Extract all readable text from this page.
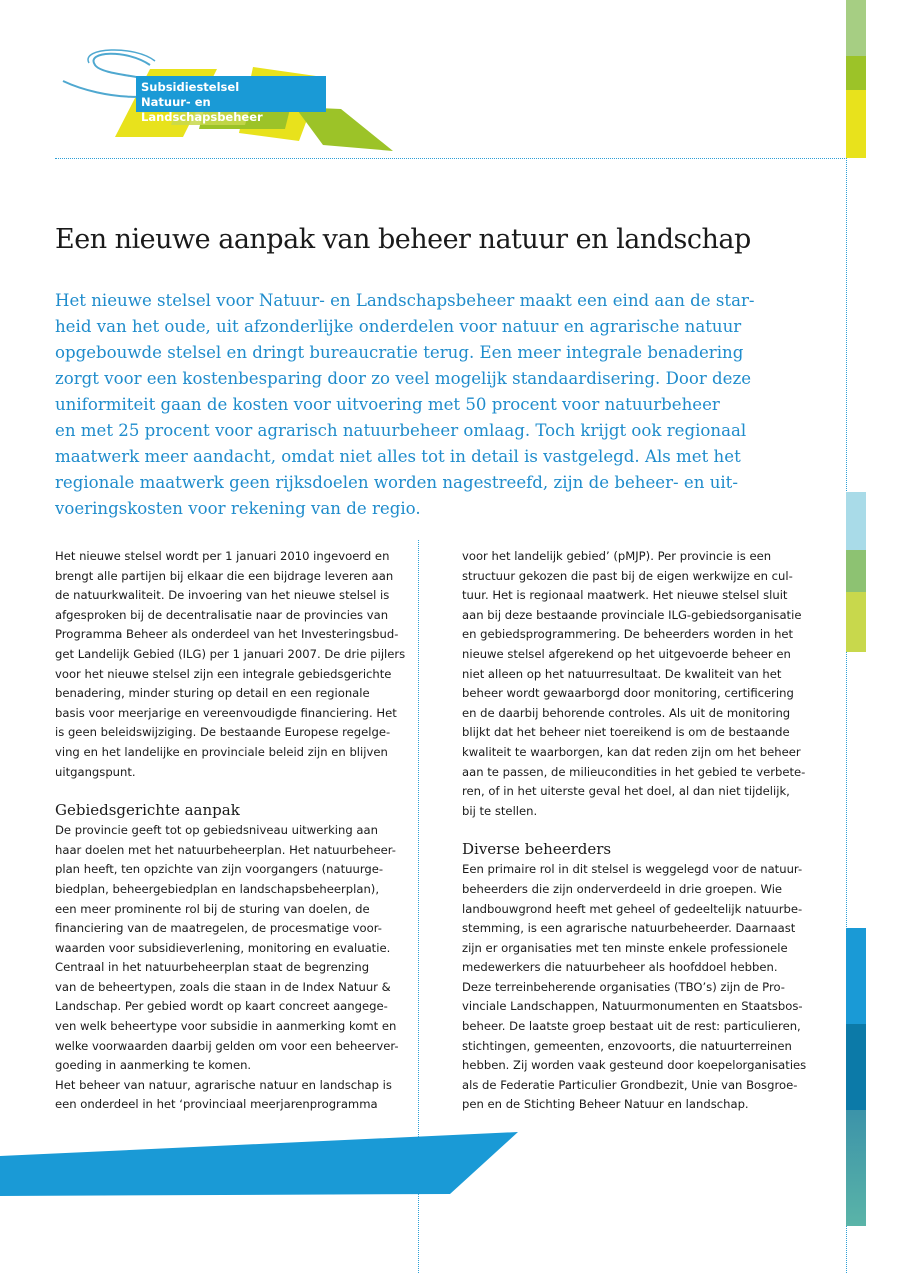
Subsidiestelsel
Natuur- en Landschapsbeheer
Een nieuwe aanpak van beheer natuur en landschap
Het nieuwe stelsel voor Natuur- en Landschapsbeheer maakt een eind aan de star-
heid van het oude, uit afzonderlijke onderdelen voor natuur en agrarische natuur
opgebouwde stelsel en dringt bureaucratie terug. Een meer integrale benadering
zorgt voor een kostenbesparing door zo veel mogelijk standaardisering. Door deze
uniformiteit gaan de kosten voor uitvoering met 50 procent voor natuurbeheer
en met 25 procent voor agrarisch natuurbeheer omlaag. Toch krijgt ook regionaal
maatwerk meer aandacht, omdat niet alles tot in detail is vastgelegd. Als met het
regionale maatwerk geen rijksdoelen worden nagestreefd, zijn de beheer- en uit-
voeringskosten voor rekening van de regio.

Het nieuwe stelsel wordt per 1 januari 2010 ingevoerd en
brengt alle partijen bij elkaar die een bijdrage leveren aan
de natuurkwaliteit. De invoering van het nieuwe stelsel is
afgesproken bij de decentralisatie naar de provincies van
Programma Beheer als onderdeel van het Investeringsbud-
get Landelijk Gebied (ILG) per 1 januari 2007. De drie pijlers
voor het nieuwe stelsel zijn een integrale gebiedsgerichte
benadering, minder sturing op detail en een regionale
basis voor meerjarige en vereenvoudigde financiering. Het
is geen beleidswijziging. De bestaande Europese regelge-
ving en het landelijke en provinciale beleid zijn en blijven
uitgangspunt.

Gebiedsgerichte aanpak

De provincie geeft tot op gebiedsniveau uitwerking aan
haar doelen met het natuurbeheerplan. Het natuurbeheer-
plan heeft, ten opzichte van zijn voorgangers (natuurge-
biedplan, beheergebiedplan en landschapsbeheerplan),
een meer prominente rol bij de sturing van doelen, de
financiering van de maatregelen, de procesmatige voor-
waarden voor subsidieverlening, monitoring en evaluatie.
Centraal in het natuurbeheerplan staat de begrenzing
van de beheertypen, zoals die staan in de Index Natuur &
Landschap. Per gebied wordt op kaart concreet aangege-
ven welk beheertype voor subsidie in aanmerking komt en
welke voorwaarden daarbij gelden om voor een beheerver-
goeding in aanmerking te komen.
Het beheer van natuur, agrarische natuur en landschap is
een onderdeel in het ‘provinciaal meerjarenprogramma

voor het landelijk gebied’ (pMJP). Per provincie is een
structuur gekozen die past bij de eigen werkwijze en cul-
tuur. Het is regionaal maatwerk. Het nieuwe stelsel sluit
aan bij deze bestaande provinciale ILG-gebiedsorganisatie
en gebiedsprogrammering. De beheerders worden in het
nieuwe stelsel afgerekend op het uitgevoerde beheer en
niet alleen op het natuurresultaat. De kwaliteit van het
beheer wordt gewaarborgd door monitoring, certificering
en de daarbij behorende controles. Als uit de monitoring
blijkt dat het beheer niet toereikend is om de bestaande
kwaliteit te waarborgen, kan dat reden zijn om het beheer
aan te passen, de milieucondities in het gebied te verbete-
ren, of in het uiterste geval het doel, al dan niet tijdelijk,
bij te stellen.

Diverse beheerders

Een primaire rol in dit stelsel is weggelegd voor de natuur-
beheerders die zijn onderverdeeld in drie groepen. Wie
landbouwgrond heeft met geheel of gedeeltelijk natuurbe-
stemming, is een agrarische natuurbeheerder. Daarnaast
zijn er organisaties met ten minste enkele professionele
medewerkers die natuurbeheer als hoofddoel hebben.
Deze terreinbeherende organisaties (TBO’s) zijn de Pro-
vinciale Landschappen, Natuurmonumenten en Staatsbos-
beheer. De laatste groep bestaat uit de rest: particulieren,
stichtingen, gemeenten, enzovoorts, die natuurterreinen
hebben. Zij worden vaak gesteund door koepelorganisaties
als de Federatie Particulier Grondbezit, Unie van Bosgroe-
pen en de Stichting Beheer Natuur en landschap.
